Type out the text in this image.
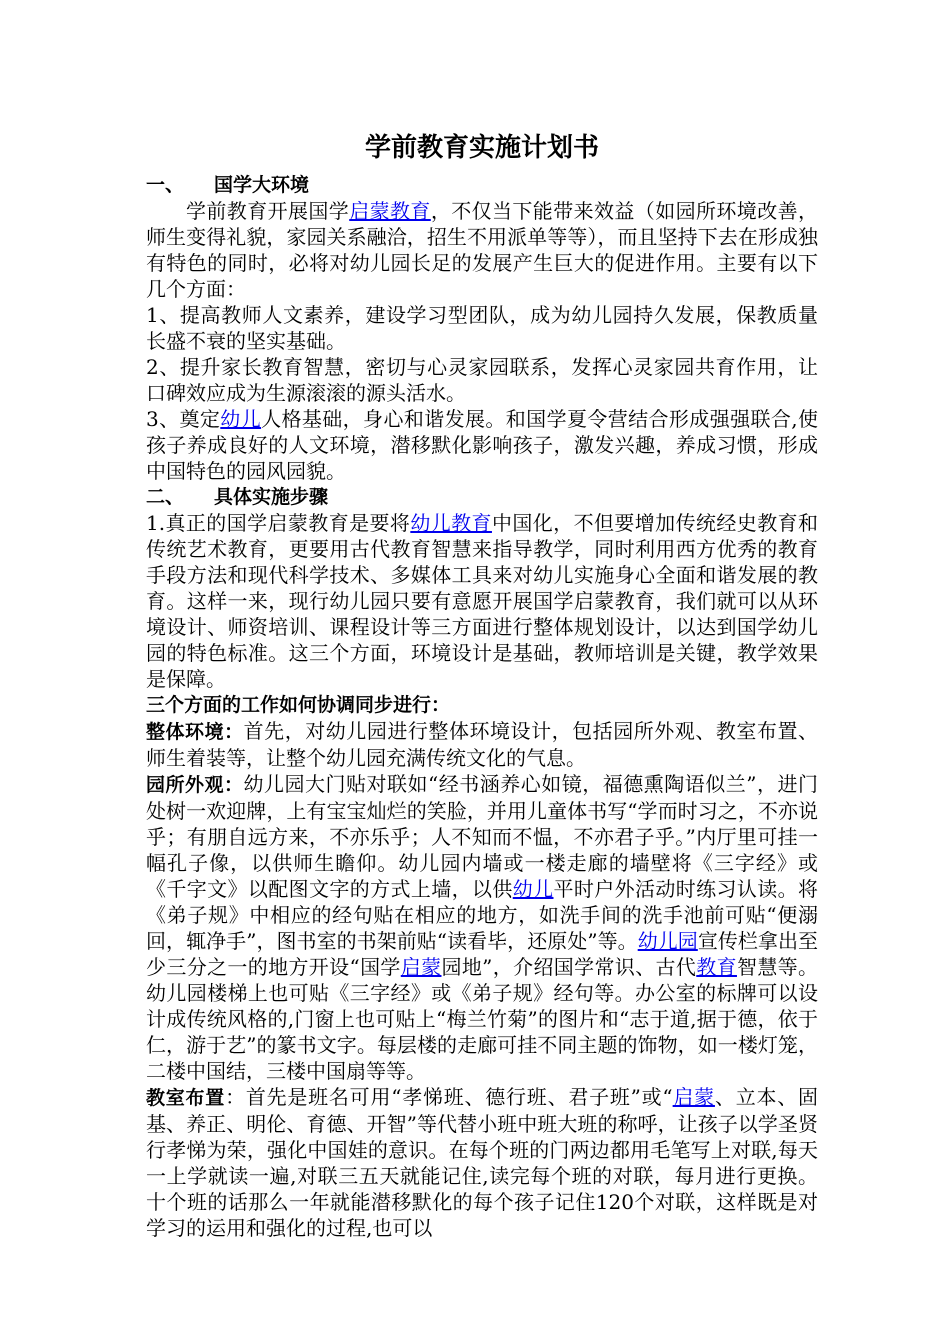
学前教育实施计划书

一、 国学大环境

学前教育开展国学启蒙教育，不仅当下能带来效益（如园所环境改善，师生变得礼貌，家园关系融洽，招生不用派单等等），而且坚持下去在形成独有特色的同时，必将对幼儿园长足的发展产生巨大的促进作用。主要有以下几个方面：

1、提高教师人文素养，建设学习型团队，成为幼儿园持久发展，保教质量长盛不衰的坚实基础。

2、提升家长教育智慧，密切与心灵家园联系，发挥心灵家园共育作用，让口碑效应成为生源滚滚的源头活水。

3、奠定幼儿人格基础，身心和谐发展。和国学夏令营结合形成强强联合,使孩子养成良好的人文环境，潜移默化影响孩子，激发兴趣，养成习惯，形成中国特色的园风园貌。

二、 具体实施步骤

1.真正的国学启蒙教育是要将幼儿教育中国化，不但要增加传统经史教育和传统艺术教育，更要用古代教育智慧来指导教学，同时利用西方优秀的教育手段方法和现代科学技术、多媒体工具来对幼儿实施身心全面和谐发展的教育。这样一来，现行幼儿园只要有意愿开展国学启蒙教育，我们就可以从环境设计、师资培训、课程设计等三方面进行整体规划设计，以达到国学幼儿园的特色标准。这三个方面，环境设计是基础，教师培训是关键，教学效果是保障。

三个方面的工作如何协调同步进行：

整体环境：首先，对幼儿园进行整体环境设计，包括园所外观、教室布置、师生着装等，让整个幼儿园充满传统文化的气息。

园所外观：幼儿园大门贴对联如“经书涵养心如镜，福德熏陶语似兰”，进门处树一欢迎牌，上有宝宝灿烂的笑脸，并用儿童体书写“学而时习之，不亦说乎；有朋自远方来，不亦乐乎；人不知而不愠，不亦君子乎。”内厅里可挂一幅孔子像，以供师生瞻仰。幼儿园内墙或一楼走廊的墙壁将《三字经》或《千字文》以配图文字的方式上墙，以供幼儿平时户外活动时练习认读。将《弟子规》中相应的经句贴在相应的地方，如洗手间的洗手池前可贴“便溺回，辄净手”，图书室的书架前贴“读看毕，还原处”等。幼儿园宣传栏拿出至少三分之一的地方开设“国学启蒙园地”，介绍国学常识、古代教育智慧等。幼儿园楼梯上也可贴《三字经》或《弟子规》经句等。办公室的标牌可以设计成传统风格的,门窗上也可贴上“梅兰竹菊”的图片和“志于道,据于德，依于仁，游于艺”的篆书文字。每层楼的走廊可挂不同主题的饰物，如一楼灯笼，二楼中国结，三楼中国扇等等。

教室布置：首先是班名可用“孝悌班、德行班、君子班”或“启蒙、立本、固基、养正、明伦、育德、开智”等代替小班中班大班的称呼，让孩子以学圣贤行孝悌为荣，强化中国娃的意识。在每个班的门两边都用毛笔写上对联,每天一上学就读一遍,对联三五天就能记住,读完每个班的对联，每月进行更换。十个班的话那么一年就能潜移默化的每个孩子记住120个对联，这样既是对学习的运用和强化的过程,也可以
